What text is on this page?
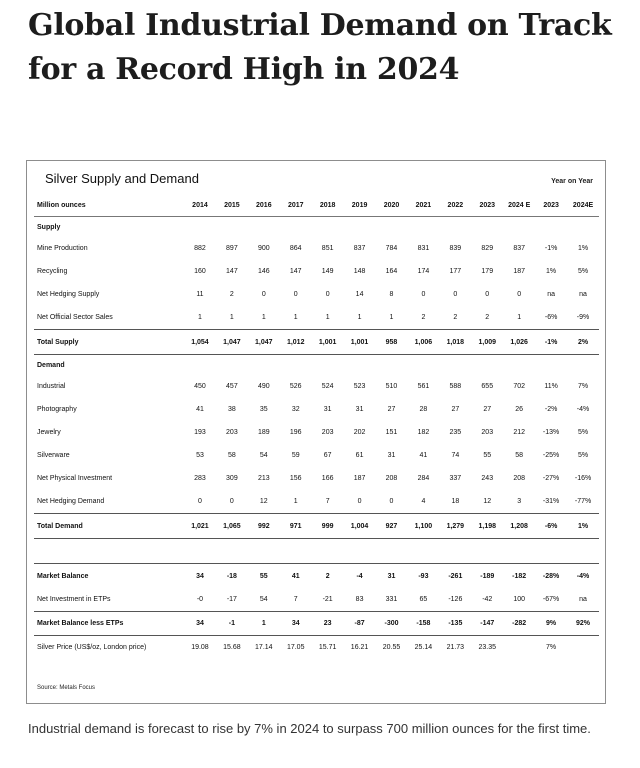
Global Industrial Demand on Track
for a Record High in 2024
Silver Supply and Demand	Year on Year
Million ounces	2014	2015	2016	2017	2018	2019	2020	2021	2022	2023	2024 E	2023	2024E
Supply													
Mine Production	882	897	900	864	851	837	784	831	839	829	837	-1%	1%
Recycling	160	147	146	147	149	148	164	174	177	179	187	1%	5%
Net Hedging Supply	11	2	0	0	0	14	8	0	0	0	0	na	na
Net Official Sector Sales	1	1	1	1	1	1	1	2	2	2	1	-6%	-9%
Total Supply	1,054	1,047	1,047	1,012	1,001	1,001	958	1,006	1,018	1,009	1,026	-1%	2%
Demand													
Industrial	450	457	490	526	524	523	510	561	588	655	702	11%	7%
Photography	41	38	35	32	31	31	27	28	27	27	26	-2%	-4%
Jewelry	193	203	189	196	203	202	151	182	235	203	212	-13%	5%
Silverware	53	58	54	59	67	61	31	41	74	55	58	-25%	5%
Net Physical Investment	283	309	213	156	166	187	208	284	337	243	208	-27%	-16%
Net Hedging Demand	0	0	12	1	7	0	0	4	18	12	3	-31%	-77%
Total Demand	1,021	1,065	992	971	999	1,004	927	1,100	1,279	1,198	1,208	-6%	1%

Market Balance	34	-18	55	41	2	-4	31	-93	-261	-189	-182	-28%	-4%
Net Investment in ETPs	-0	-17	54	7	-21	83	331	65	-126	-42	100	-67%	na
Market Balance less ETPs	34	-1	1	34	23	-87	-300	-158	-135	-147	-282	9%	92%
Silver Price (US$/oz, London price)	19.08	15.68	17.14	17.05	15.71	16.21	20.55	25.14	21.73	23.35		7%	
Source: Metals Focus

Industrial demand is forecast to rise by 7% in 2024 to surpass 700 million ounces for the first time.
